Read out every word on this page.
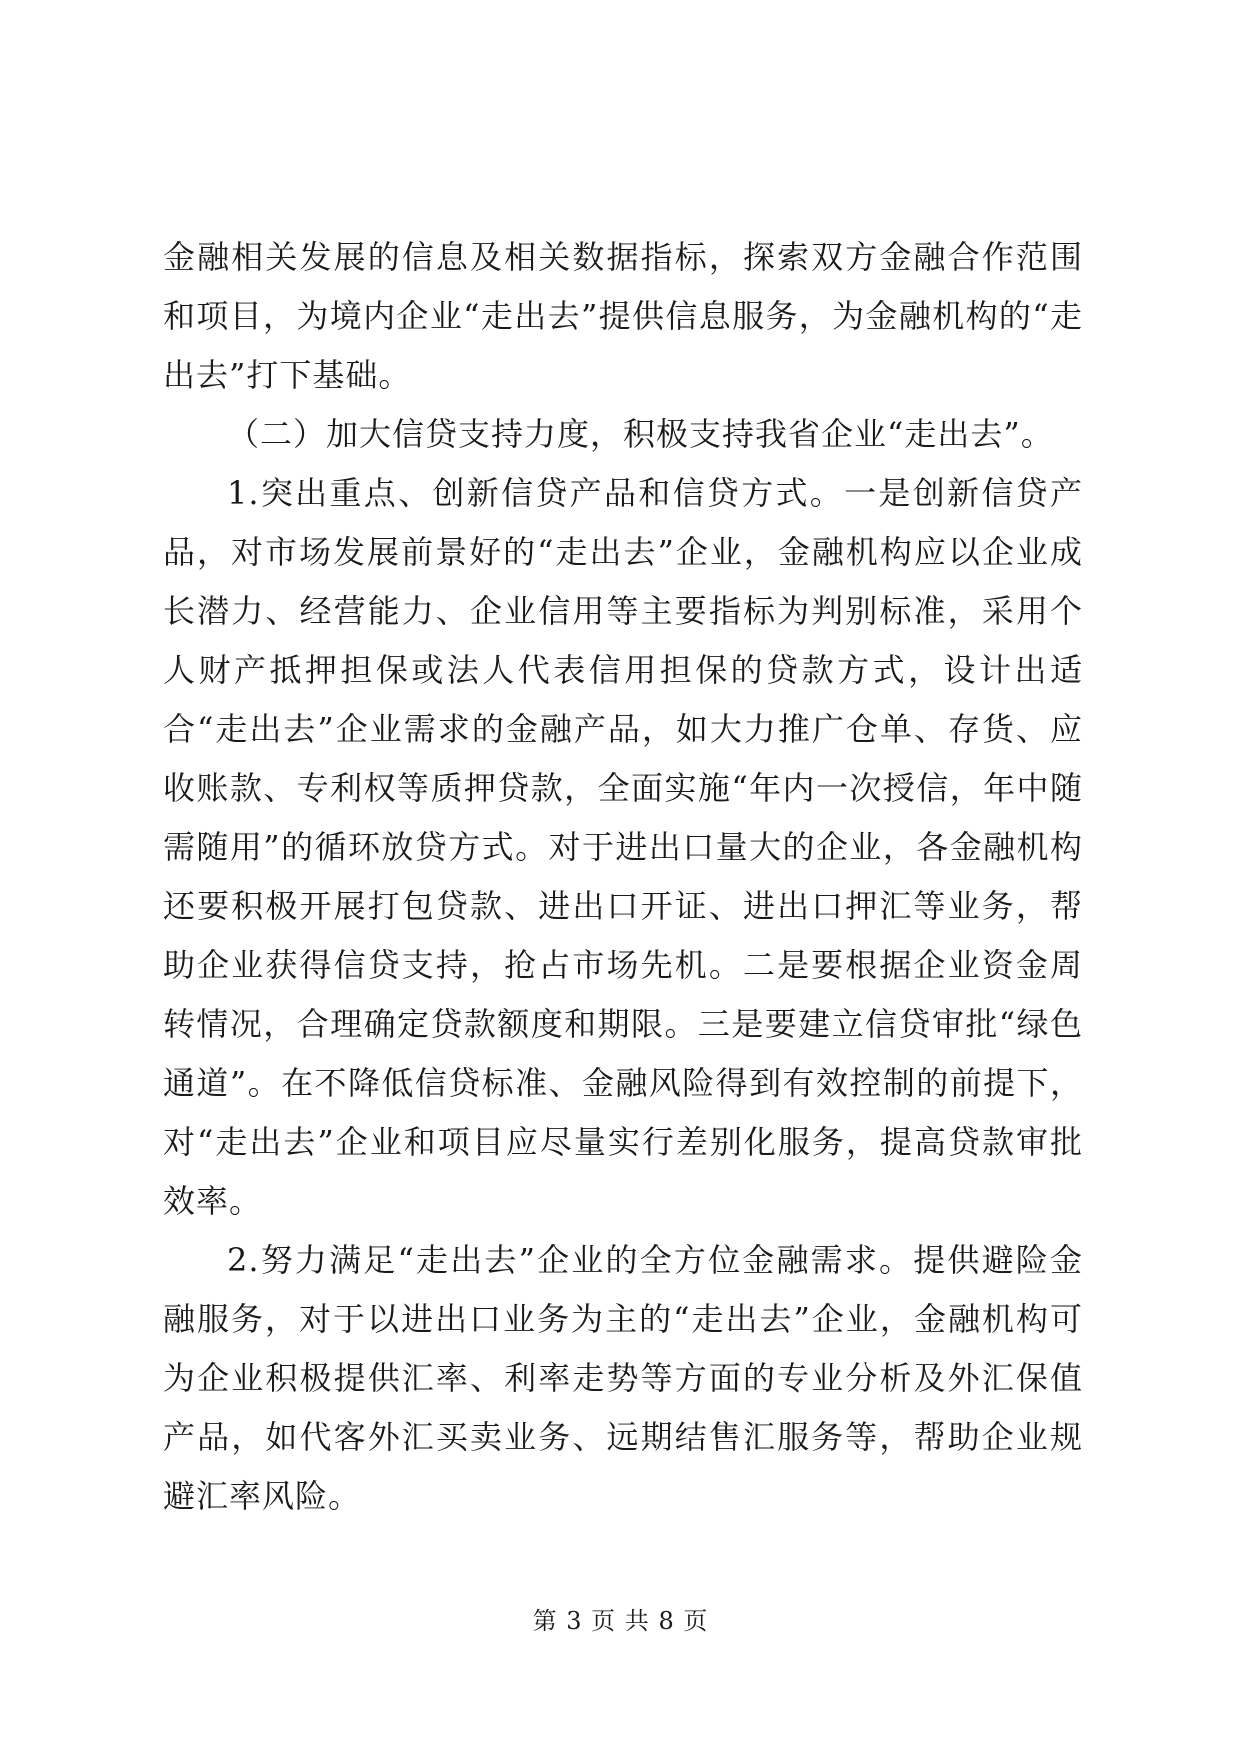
金融相关发展的信息及相关数据指标，探索双方金融合作范围和项目，为境内企业“走出去”提供信息服务，为金融机构的“走出去”打下基础。

（二）加大信贷支持力度，积极支持我省企业“走出去”。

1.突出重点、创新信贷产品和信贷方式。一是创新信贷产品，对市场发展前景好的“走出去”企业，金融机构应以企业成长潜力、经营能力、企业信用等主要指标为判别标准，采用个人财产抵押担保或法人代表信用担保的贷款方式，设计出适合“走出去”企业需求的金融产品，如大力推广仓单、存货、应收账款、专利权等质押贷款，全面实施“年内一次授信，年中随需随用”的循环放贷方式。对于进出口量大的企业，各金融机构还要积极开展打包贷款、进出口开证、进出口押汇等业务，帮助企业获得信贷支持，抢占市场先机。二是要根据企业资金周转情况，合理确定贷款额度和期限。三是要建立信贷审批“绿色通道”。在不降低信贷标准、金融风险得到有效控制的前提下，对“走出去”企业和项目应尽量实行差别化服务，提高贷款审批效率。

2.努力满足“走出去”企业的全方位金融需求。提供避险金融服务，对于以进出口业务为主的“走出去”企业，金融机构可为企业积极提供汇率、利率走势等方面的专业分析及外汇保值产品，如代客外汇买卖业务、远期结售汇服务等，帮助企业规避汇率风险。

第 3 页 共 8 页
